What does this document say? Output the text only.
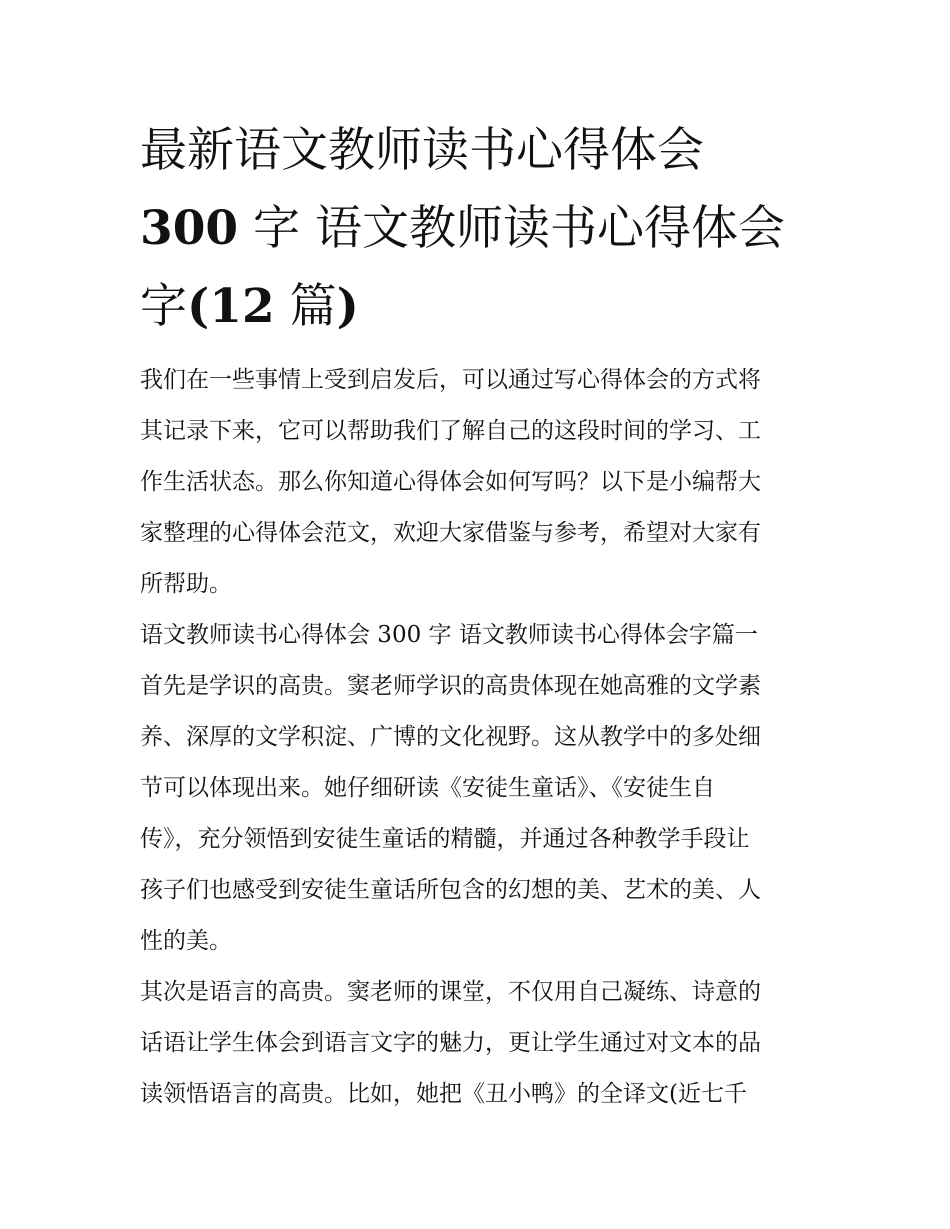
最新语文教师读书心得体会
300 字 语文教师读书心得体会
字(12 篇)
我们在一些事情上受到启发后，可以通过写心得体会的方式将
其记录下来，它可以帮助我们了解自己的这段时间的学习、工
作生活状态。那么你知道心得体会如何写吗？以下是小编帮大
家整理的心得体会范文，欢迎大家借鉴与参考，希望对大家有
所帮助。
语文教师读书心得体会 300 字 语文教师读书心得体会字篇一
首先是学识的高贵。窦老师学识的高贵体现在她高雅的文学素
养、深厚的文学积淀、广博的文化视野。这从教学中的多处细
节可以体现出来。她仔细研读《安徒生童话》、《安徒生自
传》，充分领悟到安徒生童话的精髓，并通过各种教学手段让
孩子们也感受到安徒生童话所包含的幻想的美、艺术的美、人
性的美。
其次是语言的高贵。窦老师的课堂，不仅用自己凝练、诗意的
话语让学生体会到语言文字的魅力，更让学生通过对文本的品
读领悟语言的高贵。比如，她把《丑小鸭》的全译文(近七千
